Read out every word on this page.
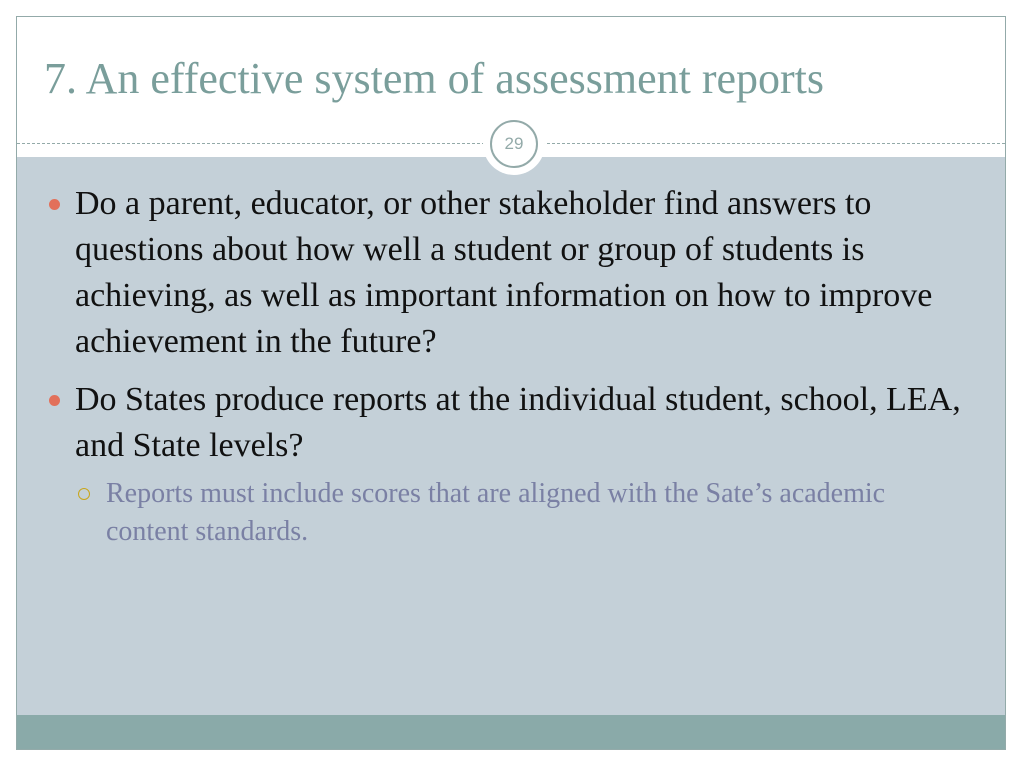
7. An effective system of assessment reports
29
Do a parent, educator, or other stakeholder find answers to questions about how well a student or group of students is achieving, as well as important information on how to improve achievement in the future?
Do States produce reports at the individual student, school, LEA, and State levels?
Reports must include scores that are aligned with the Sate’s academic content standards.
